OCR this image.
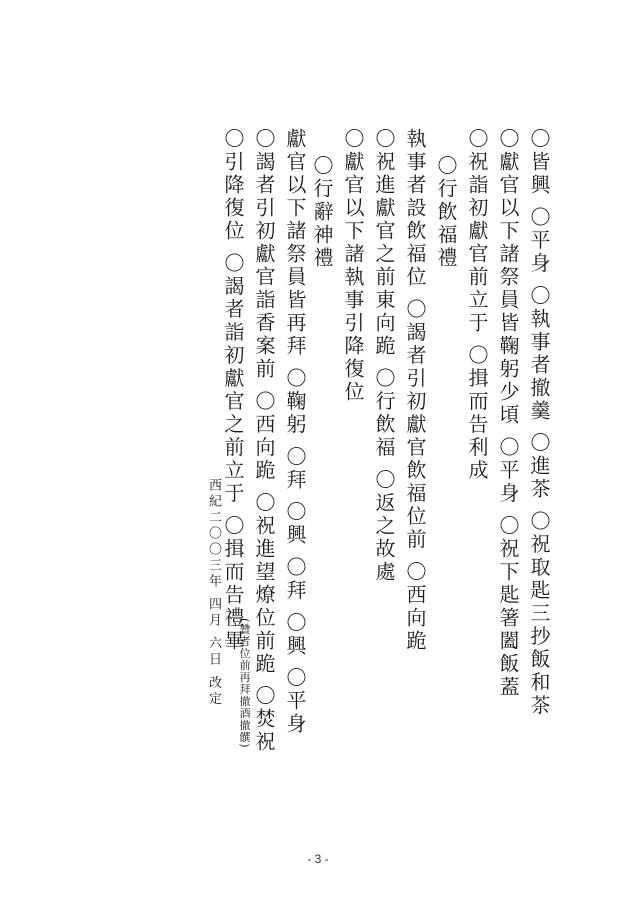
〇皆興 〇平身 〇執事者撤羹 〇進茶 〇祝取匙三抄飯和茶
〇獻官以下諸祭員皆鞠躬少頃 〇平身 〇祝下匙箸闔飯蓋
〇祝詣初獻官前立于 〇揖而告利成
〇行飲福禮
執事者設飲福位 〇謁者引初獻官飲福位前 〇西向跪
〇祝進獻官之前東向跪 〇行飲福 〇返之故處
〇獻官以下諸執事引降復位
〇行辭神禮
獻官以下諸祭員皆再拜 〇鞠躬 〇拜 〇興 〇拜 〇興 〇平身
〇謁者引初獻官詣香案前 〇西向跪 〇祝進望燎位前跪 〇焚祝
〇引降復位 〇謁者詣初獻官之前立于 〇揖而告禮畢
(贊者位前再拜撤酒撤饌)
西紀二〇〇三年 四月 六日 改定
- 3 -
